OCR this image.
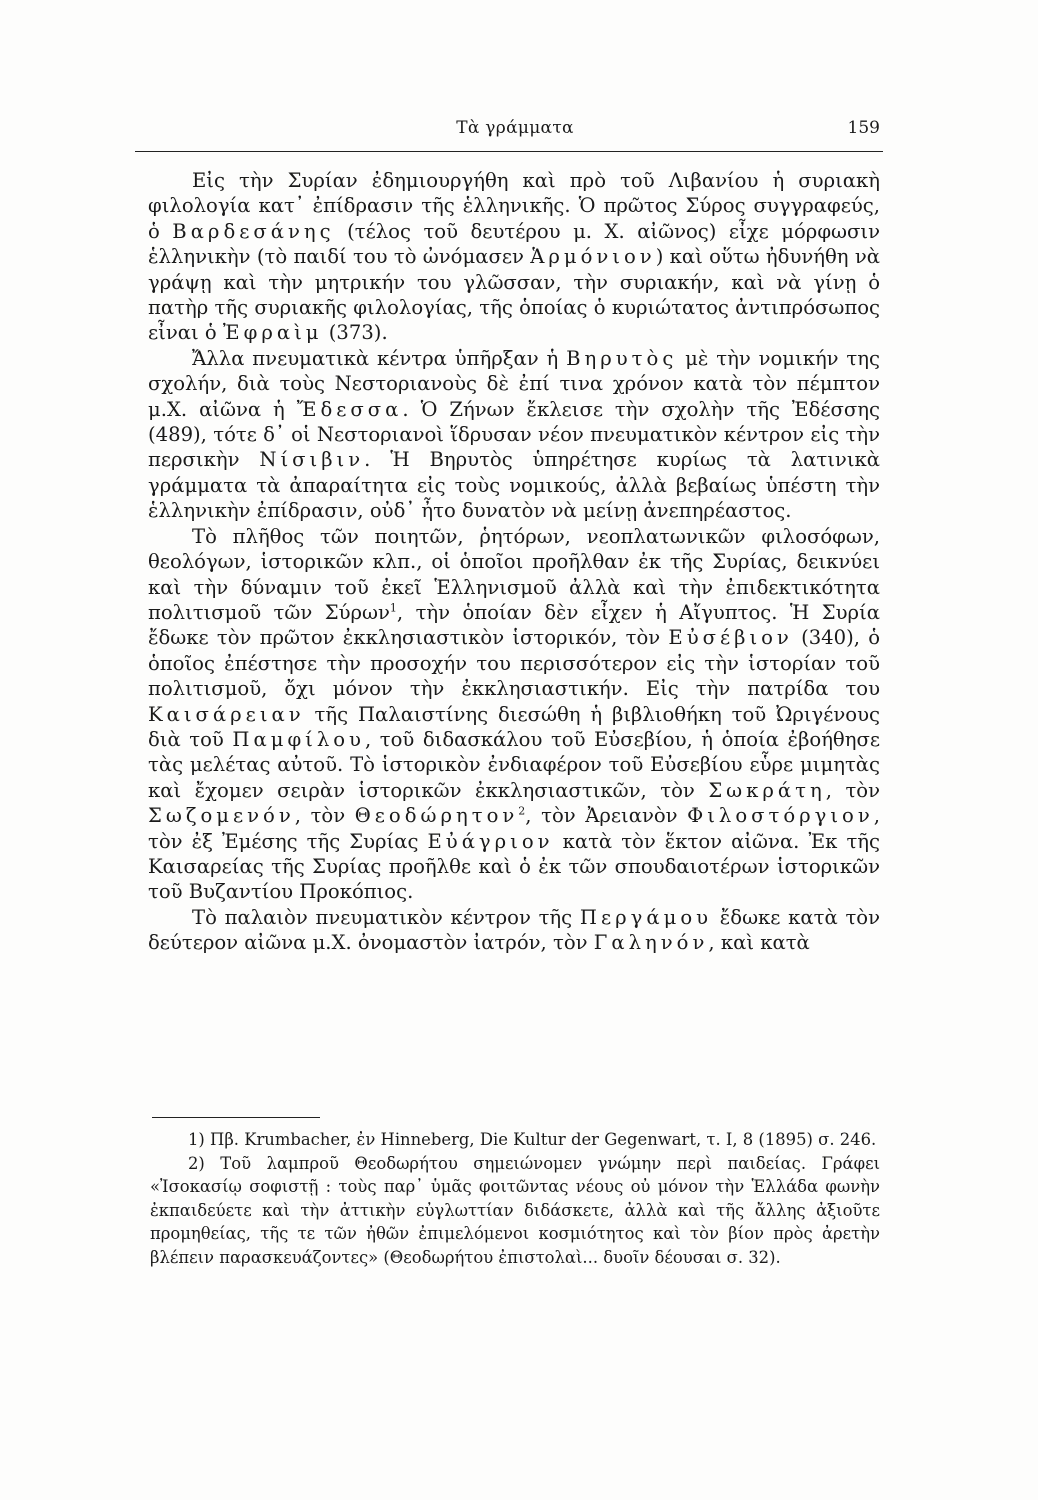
Τὰ γράμματα	159

Εἰς τὴν Συρίαν ἐδημιουργήθη καὶ πρὸ τοῦ Λιβανίου ἡ συριακὴ φιλολογία κατ᾿ ἐπίδρασιν τῆς ἑλληνικῆς. Ὁ πρῶτος Σύρος συγγραφεύς, ὁ Βαρδεσάνης (τέλος τοῦ δευτέρου μ. Χ. αἰῶνος) εἶχε μόρφωσιν ἑλληνικὴν (τὸ παιδί του τὸ ὠνόμασεν Ἁρμόνιον) καὶ οὕτω ἠδυνήθη νὰ γράψῃ καὶ τὴν μητρικήν του γλῶσσαν, τὴν συριακήν, καὶ νὰ γίνῃ ὁ πατὴρ τῆς συριακῆς φιλολογίας, τῆς ὁποίας ὁ κυριώτατος ἀντιπρόσωπος εἶναι ὁ Ἐφραὶμ (373).

Ἄλλα πνευματικὰ κέντρα ὑπῆρξαν ἡ Βηρυτὸς μὲ τὴν νομικήν της σχολήν, διὰ τοὺς Νεστοριανοὺς δὲ ἐπί τινα χρόνον κατὰ τὸν πέμπτον μ.Χ. αἰῶνα ἡ Ἔδεσσα. Ὁ Ζήνων ἔκλεισε τὴν σχολὴν τῆς Ἐδέσσης (489), τότε δ᾿ οἱ Νεστοριανοὶ ἵδρυσαν νέον πνευματικὸν κέντρον εἰς τὴν περσικὴν Νίσιβιν. Ἡ Βηρυτὸς ὑπηρέτησε κυρίως τὰ λατινικὰ γράμματα τὰ ἀπαραίτητα εἰς τοὺς νομικούς, ἀλλὰ βεβαίως ὑπέστη τὴν ἑλληνικὴν ἐπίδρασιν, οὐδ᾿ ἦτο δυνατὸν νὰ μείνῃ ἀνεπηρέαστος.

Τὸ πλῆθος τῶν ποιητῶν, ῥητόρων, νεοπλατωνικῶν φιλοσόφων, θεολόγων, ἱστορικῶν κλπ., οἱ ὁποῖοι προῆλθαν ἐκ τῆς Συρίας, δεικνύει καὶ τὴν δύναμιν τοῦ ἐκεῖ Ἑλληνισμοῦ ἀλλὰ καὶ τὴν ἐπιδεκτικότητα πολιτισμοῦ τῶν Σύρων$^1$, τὴν ὁποίαν δὲν εἶχεν ἡ Αἴγυπτος. Ἡ Συρία ἔδωκε τὸν πρῶτον ἐκκλησιαστικὸν ἱστορικόν, τὸν Εὐσέβιον (340), ὁ ὁποῖος ἐπέστησε τὴν προσοχήν του περισσότερον εἰς τὴν ἱστορίαν τοῦ πολιτισμοῦ, ὄχι μόνον τὴν ἐκκλησιαστικήν. Εἰς τὴν πατρίδα του Καισάρειαν τῆς Παλαιστίνης διεσώθη ἡ βιβλιοθήκη τοῦ Ὠριγένους διὰ τοῦ Παμφίλου, τοῦ διδασκάλου τοῦ Εὐσεβίου, ἡ ὁποία ἐβοήθησε τὰς μελέτας αὐτοῦ. Τὸ ἱστορικὸν ἐνδιαφέρον τοῦ Εὐσεβίου εὗρε μιμητὰς καὶ ἔχομεν σειρὰν ἱστορικῶν ἐκκλησιαστικῶν, τὸν Σωκράτη, τὸν Σωζομενόν, τὸν Θεοδώρητον$^2$, τὸν Ἀρειανὸν Φιλοστόργιον, τὸν ἐξ Ἐμέσης τῆς Συρίας Εὐάγριον κατὰ τὸν ἕκτον αἰῶνα. Ἐκ τῆς Καισαρείας τῆς Συρίας προῆλθε καὶ ὁ ἐκ τῶν σπουδαιοτέρων ἱστορικῶν τοῦ Βυζαντίου Προκόπιος.

Τὸ παλαιὸν πνευματικὸν κέντρον τῆς Περγάμου ἔδωκε κατὰ τὸν δεύτερον αἰῶνα μ.Χ. ὀνομαστὸν ἰατρόν, τὸν Γαληνόν, καὶ κατὰ

1) Πβ. Krumbacher, ἐν Hinneberg, Die Kultur der Gegenwart, τ. I, 8 (1895) σ. 246.

2) Τοῦ λαμπροῦ Θεοδωρήτου σημειώνομεν γνώμην περὶ παιδείας. Γράφει «Ἰσοκασίῳ σοφιστῇ : τοὺς παρ᾿ ὑμᾶς φοιτῶντας νέους οὐ μόνον τὴν Ἑλλάδα φωνὴν ἐκπαιδεύετε καὶ τὴν ἀττικὴν εὐγλωττίαν διδάσκετε, ἀλλὰ καὶ τῆς ἄλλης ἀξιοῦτε προμηθείας, τῆς τε τῶν ἠθῶν ἐπιμελόμενοι κοσμιότητος καὶ τὸν βίον πρὸς ἀρετὴν βλέπειν παρασκευάζοντες» (Θεοδωρήτου ἐπιστολαὶ... δυοῖν δέουσαι σ. 32).
